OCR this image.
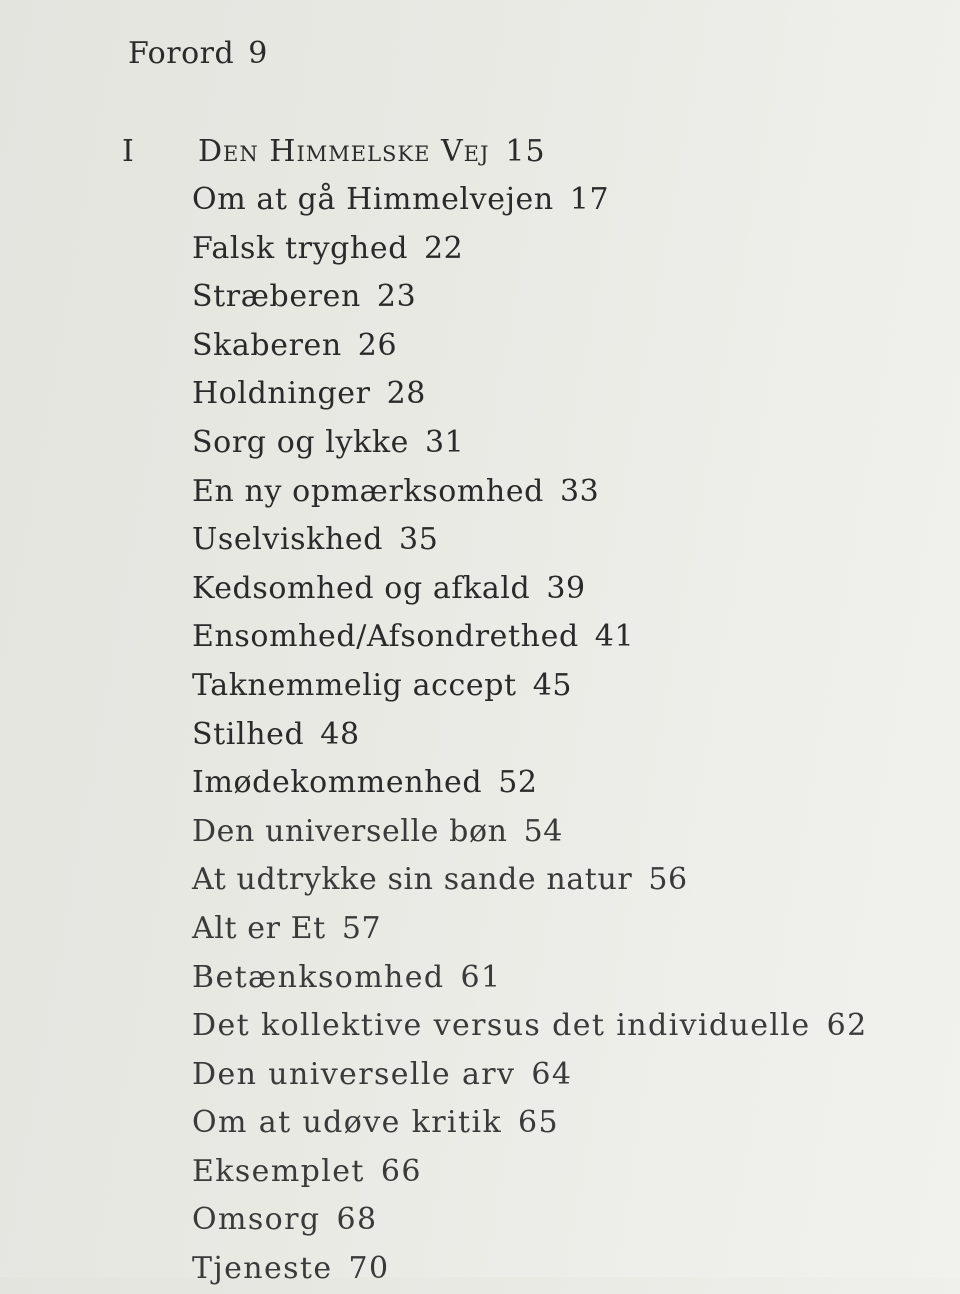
Forord 9
I Den Himmelske Vej 15
Om at gå Himmelvejen 17
Falsk tryghed 22
Stræberen 23
Skaberen 26
Holdninger 28
Sorg og lykke 31
En ny opmærksomhed 33
Uselviskhed 35
Kedsomhed og afkald 39
Ensomhed/Afsondrethed 41
Taknemmelig accept 45
Stilhed 48
Imødekommenhed 52
Den universelle bøn 54
At udtrykke sin sande natur 56
Alt er Et 57
Betænksomhed 61
Det kollektive versus det individuelle 62
Den universelle arv 64
Om at udøve kritik 65
Eksemplet 66
Omsorg 68
Tjeneste 70
